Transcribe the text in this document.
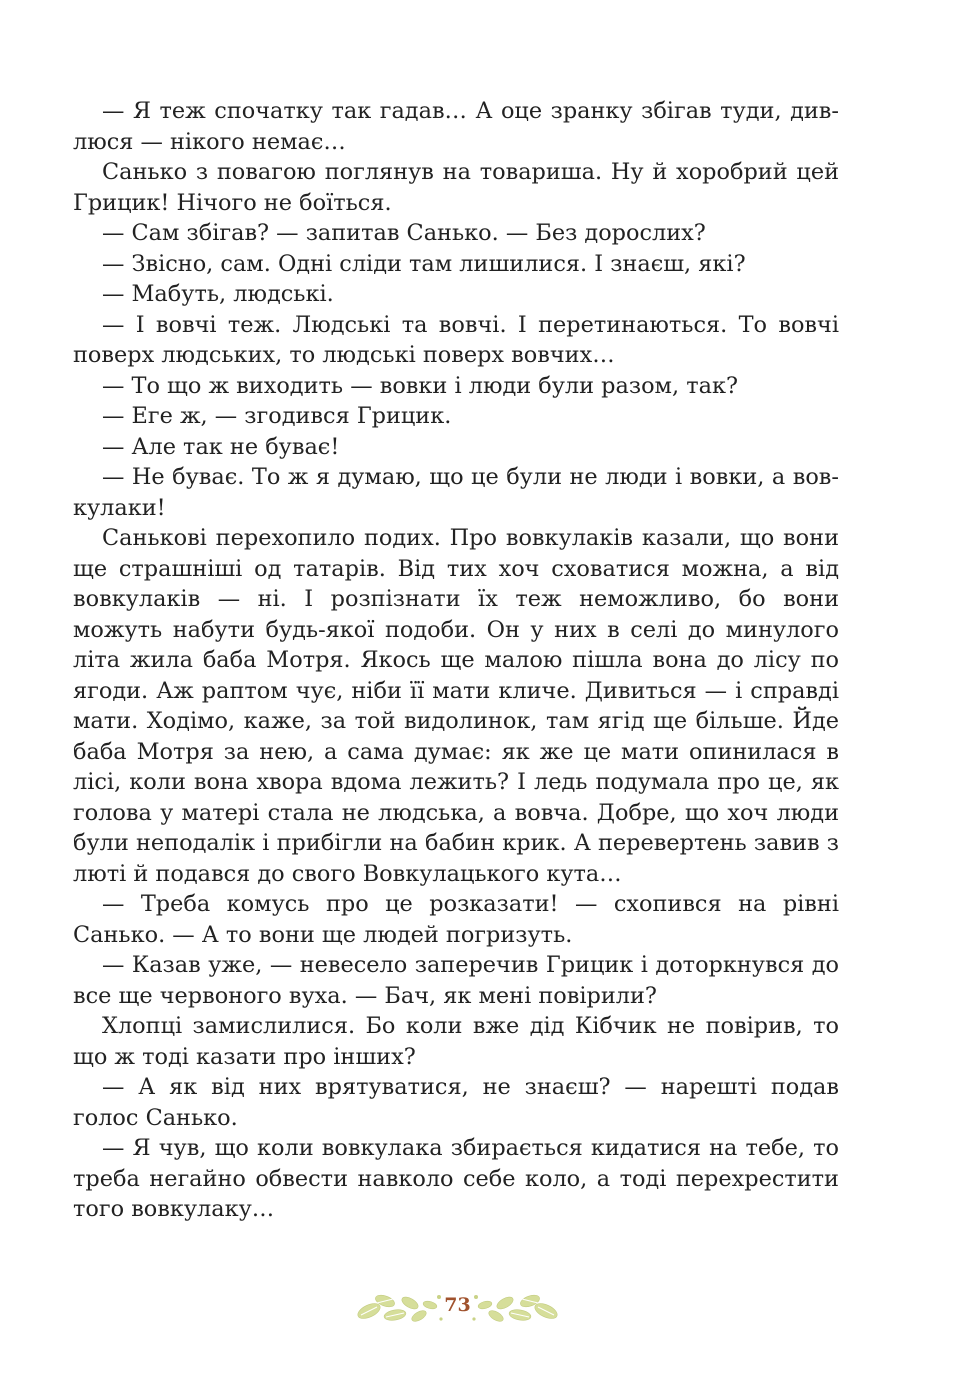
— Я теж спочатку так гадав… А оце зранку збігав туди, дивлюся — нікого немає…

Санько з повагою поглянув на товариша. Ну й хоробрий цей Грицик! Нічого не боїться.

— Сам збігав? — запитав Санько. — Без дорослих?

— Звісно, сам. Одні сліди там лишилися. І знаєш, які?

— Мабуть, людські.

— І вовчі теж. Людські та вовчі. І перетинаються. То вовчі поверх людських, то людські поверх вовчих…

— То що ж виходить — вовки і люди були разом, так?

— Еге ж, — згодився Грицик.

— Але так не буває!

— Не буває. То ж я думаю, що це були не люди і вовки, а вовкулаки!

Санькові перехопило подих. Про вовкулаків казали, що вони ще страшніші од татарів. Від тих хоч сховатися можна, а від вовкулаків — ні. І розпізнати їх теж неможливо, бо вони можуть набути будь-якої подоби. Он у них в селі до минулого літа жила баба Мотря. Якось ще малою пішла вона до лісу по ягоди. Аж раптом чує, ніби її мати кличе. Дивиться — і справді мати. Ходімо, каже, за той видолинок, там ягід ще більше. Йде баба Мотря за нею, а сама думає: як же це мати опинилася в лісі, коли вона хвора вдома лежить? І ледь подумала про це, як голова у матері стала не людська, а вовча. Добре, що хоч люди були неподалік і прибігли на бабин крик. А перевертень завив з люті й подався до свого Вовкулацького кута…

— Треба комусь про це розказати! — схопився на рівні Санько. — А то вони ще людей погризуть.

— Казав уже, — невесело заперечив Грицик і доторкнувся до все ще червоного вуха. — Бач, як мені повірили?

Хлопці замислилися. Бо коли вже дід Кібчик не повірив, то що ж тоді казати про інших?

— А як від них врятуватися, не знаєш? — нарешті подав голос Санько.

— Я чув, що коли вовкулака збирається кидатися на тебе, то треба негайно обвести навколо себе коло, а тоді перехрестити того вовкулаку…

73
